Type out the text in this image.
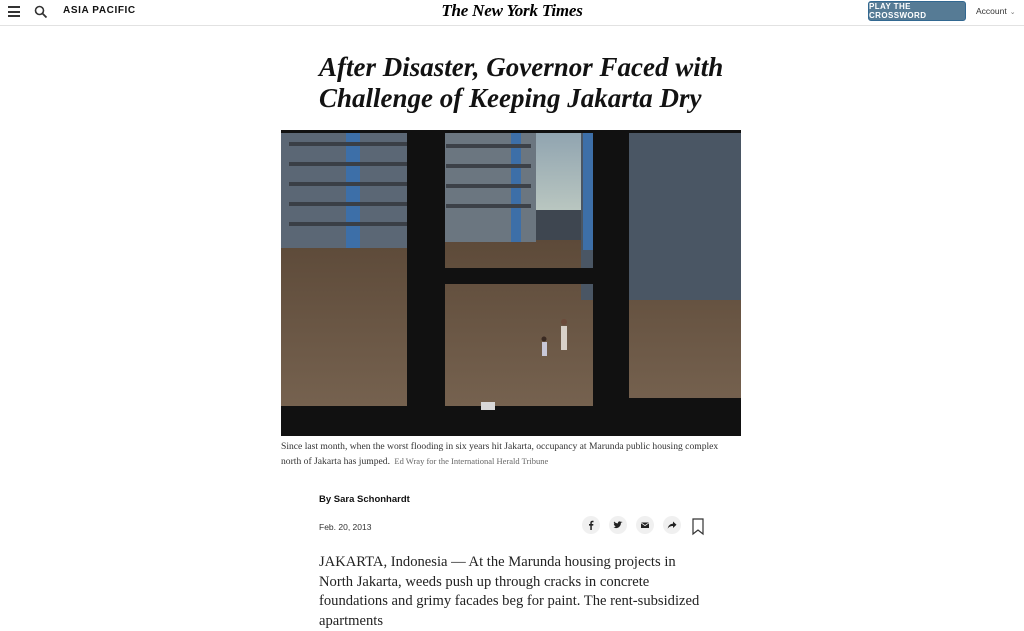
ASIA PACIFIC	The New York Times	PLAY THE CROSSWORD	Account ⌄
After Disaster, Governor Faced with Challenge of Keeping Jakarta Dry
Since last month, when the worst flooding in six years hit Jakarta, occupancy at Marunda public housing complex north of Jakarta has jumped. Ed Wray for the International Herald Tribune
By Sara Schonhardt
Feb. 20, 2013

JAKARTA, Indonesia — At the Marunda housing projects in North Jakarta, weeds push up through cracks in concrete foundations and grimy facades beg for paint. The rent-subsidized apartments
